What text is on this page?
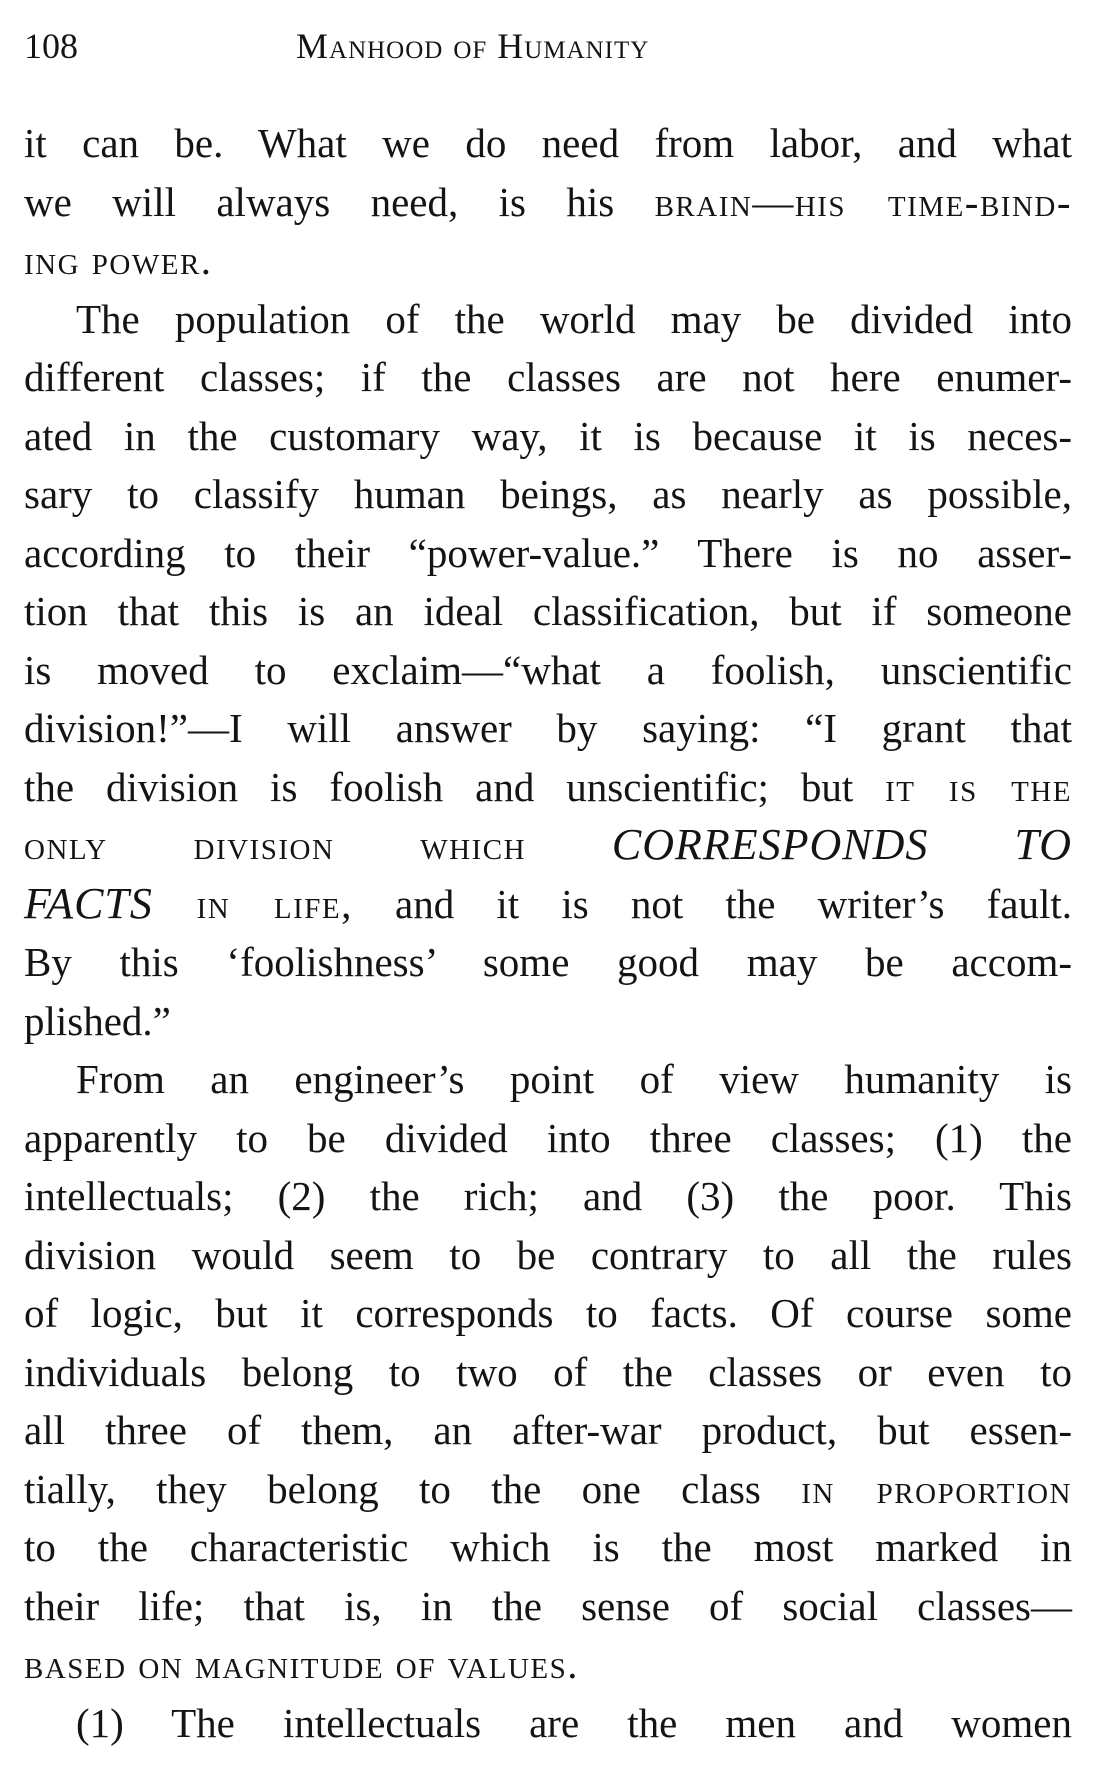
108	Manhood of Humanity
it can be. What we do need from labor, and what
we will always need, is his brain—his time-bind-
ing power.
The population of the world may be divided into
different classes; if the classes are not here enumer-
ated in the customary way, it is because it is neces-
sary to classify human beings, as nearly as possible,
according to their “power-value.” There is no asser-
tion that this is an ideal classification, but if someone
is moved to exclaim—“what a foolish, unscientific
division!”—I will answer by saying: “I grant that
the division is foolish and unscientific; but it is the
only division which CORRESPONDS TO
FACTS in life, and it is not the writer’s fault.
By this ‘foolishness’ some good may be accom-
plished.”
From an engineer’s point of view humanity is
apparently to be divided into three classes; (1) the
intellectuals; (2) the rich; and (3) the poor. This
division would seem to be contrary to all the rules
of logic, but it corresponds to facts. Of course some
individuals belong to two of the classes or even to
all three of them, an after-war product, but essen-
tially, they belong to the one class in proportion
to the characteristic which is the most marked in
their life; that is, in the sense of social classes—
based on magnitude of values.
(1) The intellectuals are the men and women
